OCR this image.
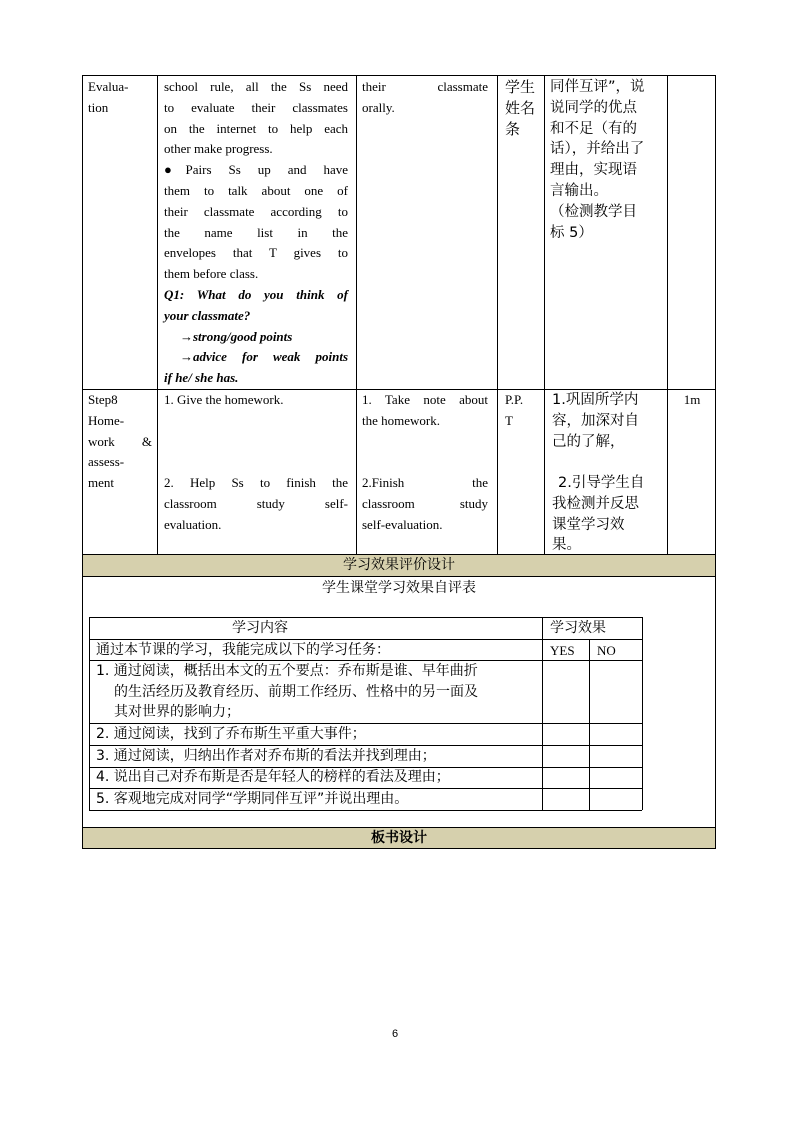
Evalua-
tion
school rule, all the Ss need
to evaluate their classmates
on the internet to help each
other make progress.
●Pairs Ss up and have
them to talk about one of
their classmate according to
the name list in the
envelopes that T gives to
them before class.
Q1: What do you think of
your classmate?
→strong/good points
→advice for weak points
if he/ she has.
their classmate
orally.
学生
姓名
条
同伴互评”，说
说同学的优点
和不足（有的
话），并给出了
理由，实现语
言输出。
（检测教学目
标 5）
Step8
Home-
work &
assess-
ment
1. Give the homework.
2. Help Ss to finish the
classroom study self-
evaluation.
1. Take note about
the homework.
2.Finish the
classroom study
self-evaluation.
P.P.
T
1.巩固所学内
容，加深对自
己的了解，
2.引导学生自
我检测并反思
课堂学习效
果。
1m
学习效果评价设计
学生课堂学习效果自评表
学习内容	学习效果
通过本节课的学习，我能完成以下的学习任务：	YES NO
1. 通过阅读，概括出本文的五个要点：乔布斯是谁、早年曲折
的生活经历及教育经历、前期工作经历、性格中的另一面及
其对世界的影响力；
2. 通过阅读，找到了乔布斯生平重大事件；
3. 通过阅读，归纳出作者对乔布斯的看法并找到理由；
4. 说出自己对乔布斯是否是年轻人的榜样的看法及理由；
5. 客观地完成对同学“学期同伴互评”并说出理由。
板书设计
6
